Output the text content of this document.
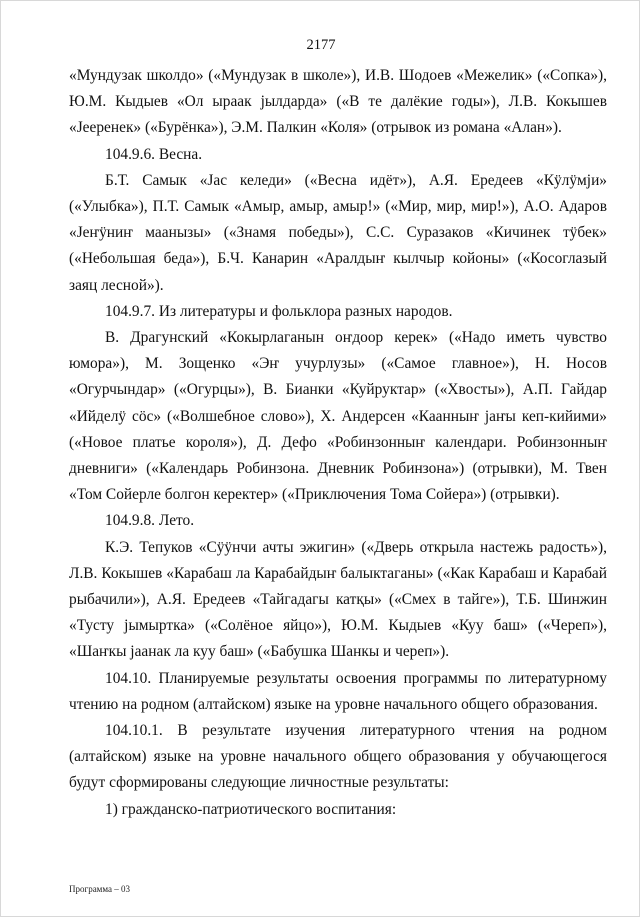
2177

«Мундузак школдо» («Мундузак в школе»), И.В. Шодоев «Межелик» («Сопка»), Ю.М. Кыдыев «Ол ыраак јылдарда» («В те далёкие годы»), Л.В. Кокышев «Јееренек» («Бурёнка»), Э.М. Палкин «Коля» (отрывок из романа «Алан»).

104.9.6. Весна.

Б.Т. Самык «Јас келеди» («Весна идёт»), А.Я. Ередеев «Кӱлӱмји» («Улыбка»), П.Т. Самык «Амыр, амыр, амыр!» («Мир, мир, мир!»), А.О. Адаров «Јеҥӱниҥ маанызы» («Знамя победы»), С.С. Суразаков «Кичинек тӱбек» («Небольшая беда»), Б.Ч. Канарин «Аралдыҥ кылчыр койоны» («Косоглазый заяц лесной»).

104.9.7. Из литературы и фольклора разных народов.

В. Драгунский «Кокырлаганын оҥдоор керек» («Надо иметь чувство юмора»), М. Зощенко «Эҥ учурлузы» («Самое главное»), Н. Носов «Огурчындар» («Огурцы»), В. Бианки «Куйруктар» («Хвосты»), А.П. Гайдар «Ийделӱ сӧс» («Волшебное слово»), Х. Андерсен «Каанныҥ јаҥы кеп-кийими» («Новое платье короля»), Д. Дефо «Робинзонныҥ календари. Робинзонныҥ дневниги» («Календарь Робинзона. Дневник Робинзона») (отрывки), М. Твен «Том Сойерле болгон керектер» («Приключения Тома Сойера») (отрывки).

104.9.8. Лето.

К.Э. Тепуков «Сӱӱнчи ачты эжигин» («Дверь открыла настежь радость»), Л.В. Кокышев «Карабаш ла Карабайдыҥ балыктаганы» («Как Карабаш и Карабай рыбачили»), А.Я. Ередеев «Тайгадагы катқы» («Смех в тайге»), Т.Б. Шинжин «Тусту јымыртка» («Солёное яйцо»), Ю.М. Кыдыев «Куу баш» («Череп»), «Шаҥкы јаанак ла куу баш» («Бабушка Шанкы и череп»).

104.10. Планируемые результаты освоения программы по литературному чтению на родном (алтайском) языке на уровне начального общего образования.

104.10.1. В результате изучения литературного чтения на родном (алтайском) языке на уровне начального общего образования у обучающегося будут сформированы следующие личностные результаты:

1) гражданско-патриотического воспитания:

Программа – 03
